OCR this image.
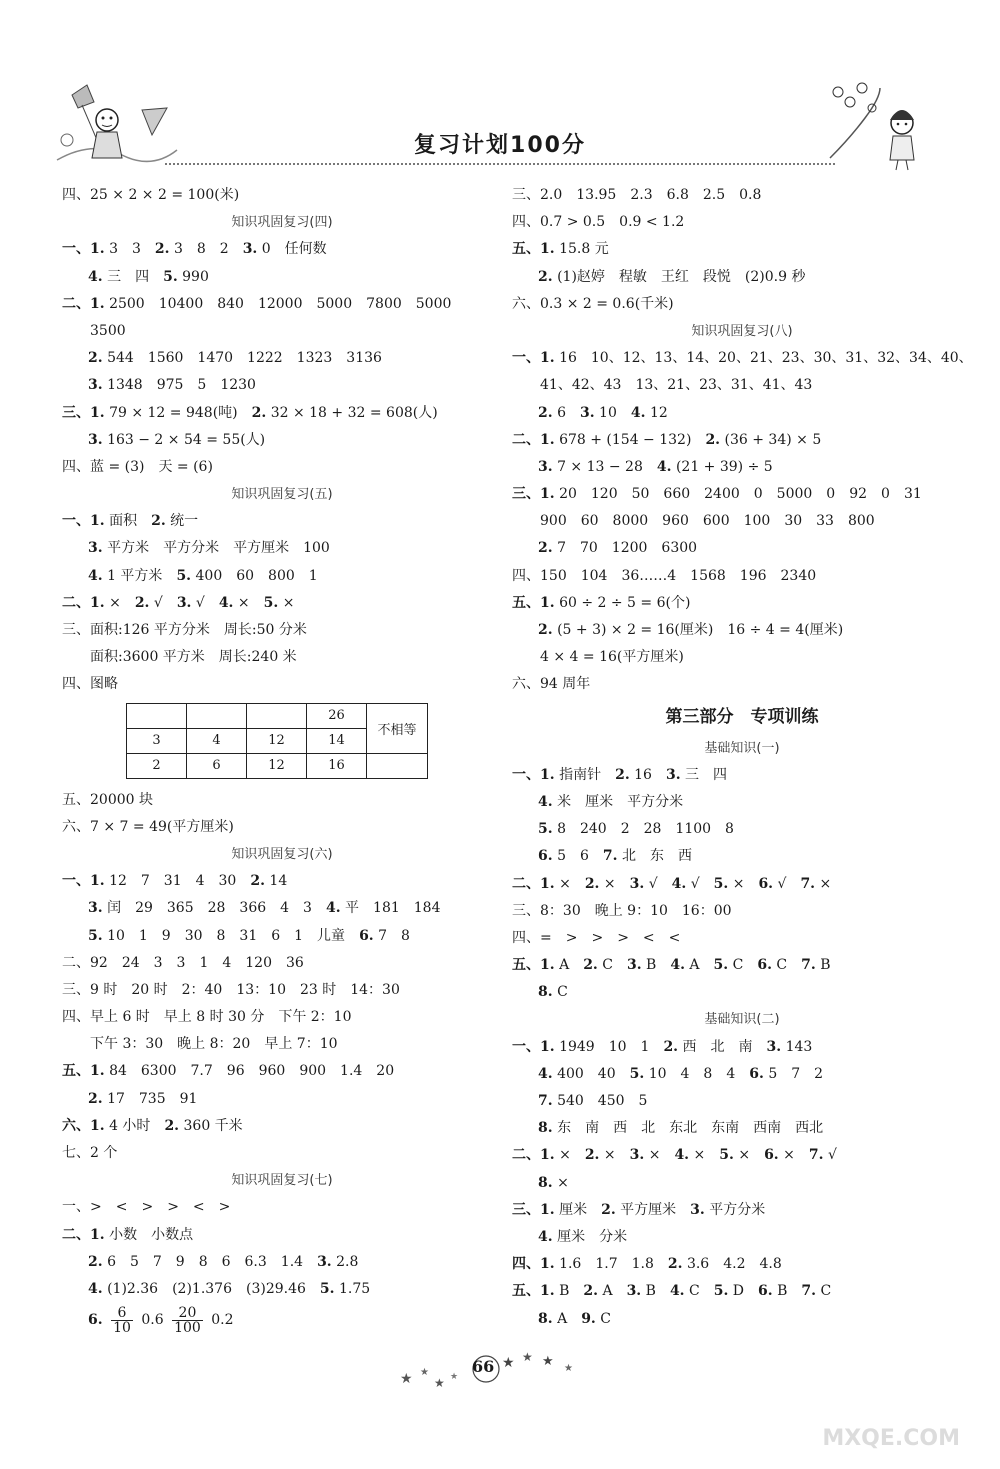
复习计划100分
四、25 × 2 × 2 = 100(米)
知识巩固复习(四)
一、1. 3　3　2. 3　8　2　3. 0　任何数
4. 三　四　5. 990
二、1. 2500　10400　840　12000　5000　7800　5000
3500
2. 544　1560　1470　1222　1323　3136
3. 1348　975　5　1230
三、1. 79 × 12 = 948(吨)　2. 32 × 18 + 32 = 608(人)
3. 163 − 2 × 54 = 55(人)
四、蓝 = (3)　天 = (6)
知识巩固复习(五)
一、1. 面积　2. 统一
3. 平方米　平方分米　平方厘米　100
4. 1 平方米　5. 400　60　800　1
二、1. ×　2. √　3. √　4. ×　5. ×
三、面积:126 平方分米　周长:50 分米
面积:3600 平方米　周长:240 米
四、图略
			26	不相等
3	4	12	14	
2	6	12	16	
五、20000 块
六、7 × 7 = 49(平方厘米)
知识巩固复习(六)
一、1. 12　7　31　4　30　2. 14
3. 闰　29　365　28　366　4　3　4. 平　181　184
5. 10　1　9　30　8　31　6　1　儿童　6. 7　8
二、92　24　3　3　1　4　120　36
三、9 时　20 时　2：40　13：10　23 时　14：30
四、早上 6 时　早上 8 时 30 分　下午 2：10
下午 3：30　晚上 8：20　早上 7：10
五、1. 84　6300　7.7　96　960　900　1.4　20
2. 17　735　91
六、1. 4 小时　2. 360 千米
七、2 个
知识巩固复习(七)
一、>　<　>　>　<　>
二、1. 小数　小数点
2. 6　5　7　9　8　6　6.3　1.4　3. 2.8
4. (1)2.36　(2)1.376　(3)29.46　5. 1.75
6. $\frac{6}{10} 0.6 \frac{20}{100} 0.2$
三、2.0　13.95　2.3　6.8　2.5　0.8
四、0.7 > 0.5　0.9 < 1.2
五、1. 15.8 元
2. (1)赵婷　程敏　王红　段悦　(2)0.9 秒
六、0.3 × 2 = 0.6(千米)
知识巩固复习(八)
一、1. 16　10、12、13、14、20、21、23、30、31、32、34、40、
41、42、43　13、21、23、31、41、43
2. 6　3. 10　4. 12
二、1. 678 + (154 − 132)　2. (36 + 34) × 5
3. 7 × 13 − 28　4. (21 + 39) ÷ 5
三、1. 20　120　50　660　2400　0　5000　0　92　0　31
900　60　8000　960　600　100　30　33　800
2. 7　70　1200　6300
四、150　104　36……4　1568　196　2340
五、1. 60 ÷ 2 ÷ 5 = 6(个)
2. (5 + 3) × 2 = 16(厘米)　16 ÷ 4 = 4(厘米)
4 × 4 = 16(平方厘米)
六、94 周年
第三部分　专项训练
基础知识(一)
一、1. 指南针　2. 16　3. 三　四
4. 米　厘米　平方分米
5. 8　240　2　28　1100　8
6. 5　6　7. 北　东　西
二、1. ×　2. ×　3. √　4. √　5. ×　6. √　7. ×
三、8：30　晚上 9：10　16：00
四、=　>　>　>　<　<
五、1. A　2. C　3. B　4. A　5. C　6. C　7. B
8. C
基础知识(二)
一、1. 1949　10　1　2. 西　北　南　3. 143
4. 400　40　5. 10　4　8　4　6. 5　7　2
7. 540　450　5
8. 东　南　西　北　东北　东南　西南　西北
二、1. ×　2. ×　3. ×　4. ×　5. ×　6. ×　7. √
8. ×
三、1. 厘米　2. 平方厘米　3. 平方分米
4. 厘米　分米
四、1. 1.6　1.7　1.8　2. 3.6　4.2　4.8
五、1. B　2. A　3. B　4. C　5. D　6. B　7. C
8. A　9. C
★ ★
★ ★
★ ★ ★ ★
66
MXQE.COM
